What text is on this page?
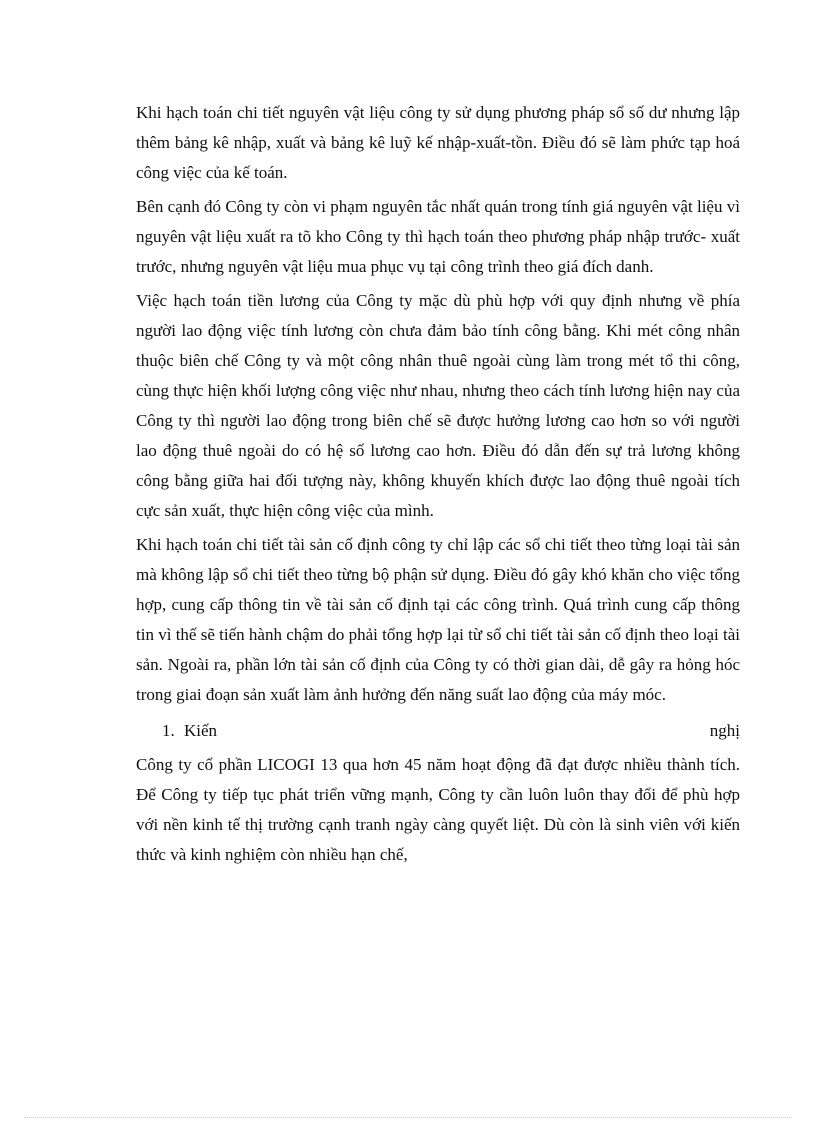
Khi hạch toán chi tiết nguyên vật liệu công ty sử dụng phương pháp sổ số dư nhưng lập thêm bảng kê nhập, xuất và bảng kê luỹ kế nhập-xuất-tồn. Điều đó sẽ làm phức tạp hoá công việc của kế toán.

Bên cạnh đó Công ty còn vi phạm nguyên tắc nhất quán trong tính giá nguyên vật liệu vì nguyên vật liệu xuất ra tõ kho Công ty thì hạch toán theo phương pháp nhập trước- xuất trước, nhưng nguyên vật liệu mua phục vụ tại công trình theo giá đích danh.

Việc hạch toán tiền lương của Công ty mặc dù phù hợp với quy định nhưng về phía người lao động việc tính lương còn chưa đảm bảo tính công bằng. Khi mét công nhân thuộc biên chế Công ty và một công nhân thuê ngoài cùng làm trong mét tổ thi công, cùng thực hiện khối lượng công việc như nhau, nhưng theo cách tính lương hiện nay của Công ty thì người lao động trong biên chế sẽ được hưởng lương cao hơn so với người lao động thuê ngoài do có hệ số lương cao hơn. Điều đó dẫn đến sự trả lương không công bằng giữa hai đối tượng này, không khuyến khích được lao động thuê ngoài tích cực sản xuất, thực hiện công việc của mình.

Khi hạch toán chi tiết tài sản cố định công ty chỉ lập các sổ chi tiết theo từng loại tài sản mà không lập sổ chi tiết theo từng bộ phận sử dụng. Điều đó gây khó khăn cho việc tổng hợp, cung cấp thông tin về tài sản cố định tại các công trình. Quá trình cung cấp thông tin vì thế sẽ tiến hành chậm do phải tổng hợp lại từ sổ chi tiết tài sản cố định theo loại tài sản. Ngoài ra, phần lớn tài sản cố định của Công ty có thời gian dài, dễ gây ra hỏng hóc trong giai đoạn sản xuất làm ảnh hưởng đến năng suất lao động của máy móc.

1. Kiến	nghị

Công ty cổ phần LICOGI 13 qua hơn 45 năm hoạt động đã đạt được nhiều thành tích. Để Công ty tiếp tục phát triển vững mạnh, Công ty cần luôn luôn thay đổi để phù hợp với nền kinh tế thị trường cạnh tranh ngày càng quyết liệt. Dù còn là sinh viên với kiến thức và kinh nghiệm còn nhiều hạn chế,
